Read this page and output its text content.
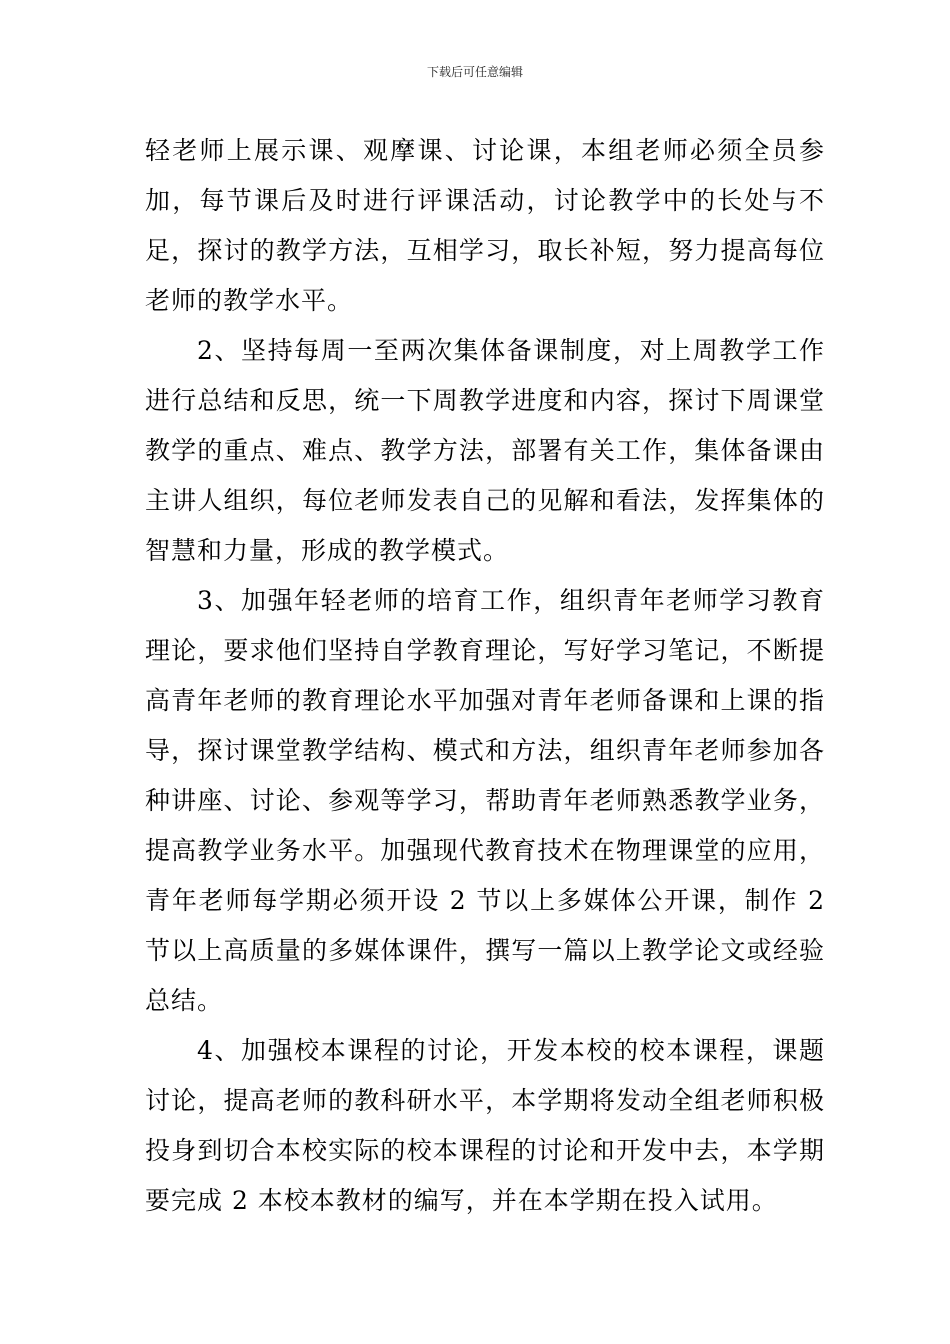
下载后可任意编辑

轻老师上展示课、观摩课、讨论课，本组老师必须全员参加，每节课后及时进行评课活动，讨论教学中的长处与不足，探讨的教学方法，互相学习，取长补短，努力提高每位老师的教学水平。

2、坚持每周一至两次集体备课制度，对上周教学工作进行总结和反思，统一下周教学进度和内容，探讨下周课堂教学的重点、难点、教学方法，部署有关工作，集体备课由主讲人组织，每位老师发表自己的见解和看法，发挥集体的智慧和力量，形成的教学模式。

3、加强年轻老师的培育工作，组织青年老师学习教育理论，要求他们坚持自学教育理论，写好学习笔记，不断提高青年老师的教育理论水平加强对青年老师备课和上课的指导，探讨课堂教学结构、模式和方法，组织青年老师参加各种讲座、讨论、参观等学习，帮助青年老师熟悉教学业务，提高教学业务水平。加强现代教育技术在物理课堂的应用，青年老师每学期必须开设 2 节以上多媒体公开课，制作 2 节以上高质量的多媒体课件，撰写一篇以上教学论文或经验总结。

4、加强校本课程的讨论，开发本校的校本课程，课题讨论，提高老师的教科研水平，本学期将发动全组老师积极投身到切合本校实际的校本课程的讨论和开发中去，本学期要完成 2 本校本教材的编写，并在本学期在投入试用。
